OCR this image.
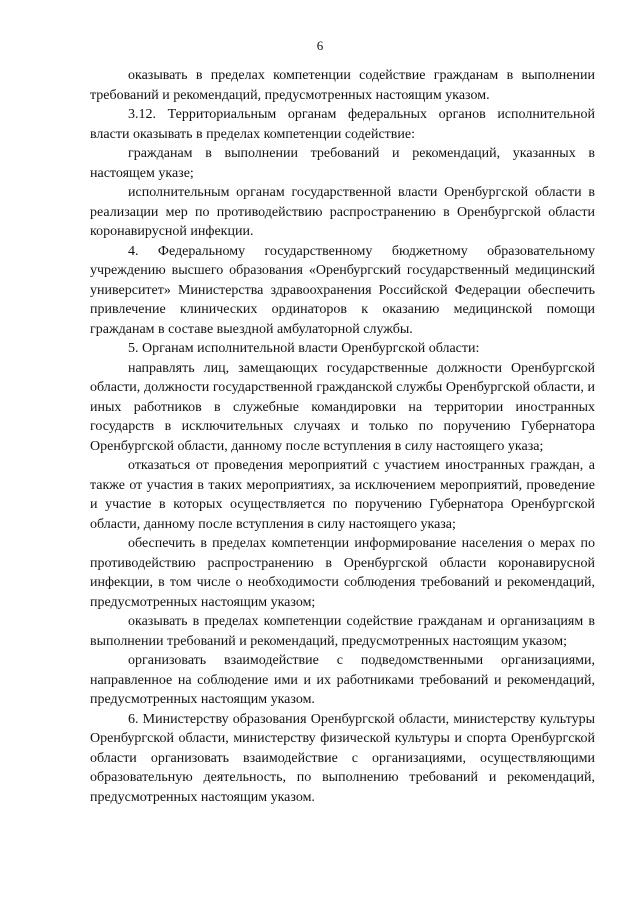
6

оказывать в пределах компетенции содействие гражданам в выполнении требований и рекомендаций, предусмотренных настоящим указом.

3.12. Территориальным органам федеральных органов исполнительной власти оказывать в пределах компетенции содействие:

гражданам в выполнении требований и рекомендаций, указанных в настоящем указе;

исполнительным органам государственной власти Оренбургской области в реализации мер по противодействию распространению в Оренбургской области коронавирусной инфекции.

4. Федеральному государственному бюджетному образовательному учреждению высшего образования «Оренбургский государственный медицинский университет» Министерства здравоохранения Российской Федерации обеспечить привлечение клинических ординаторов к оказанию медицинской помощи гражданам в составе выездной амбулаторной службы.

5. Органам исполнительной власти Оренбургской области:

направлять лиц, замещающих государственные должности Оренбургской области, должности государственной гражданской службы Оренбургской области, и иных работников в служебные командировки на территории иностранных государств в исключительных случаях и только по поручению Губернатора Оренбургской области, данному после вступления в силу настоящего указа;

отказаться от проведения мероприятий с участием иностранных граждан, а также от участия в таких мероприятиях, за исключением мероприятий, проведение и участие в которых осуществляется по поручению Губернатора Оренбургской области, данному после вступления в силу настоящего указа;

обеспечить в пределах компетенции информирование населения о мерах по противодействию распространению в Оренбургской области коронавирусной инфекции, в том числе о необходимости соблюдения требований и рекомендаций, предусмотренных настоящим указом;

оказывать в пределах компетенции содействие гражданам и организациям в выполнении требований и рекомендаций, предусмотренных настоящим указом;

организовать взаимодействие с подведомственными организациями, направленное на соблюдение ими и их работниками требований и рекомендаций, предусмотренных настоящим указом.

6. Министерству образования Оренбургской области, министерству культуры Оренбургской области, министерству физической культуры и спорта Оренбургской области организовать взаимодействие с организациями, осуществляющими образовательную деятельность, по выполнению требований и рекомендаций, предусмотренных настоящим указом.
